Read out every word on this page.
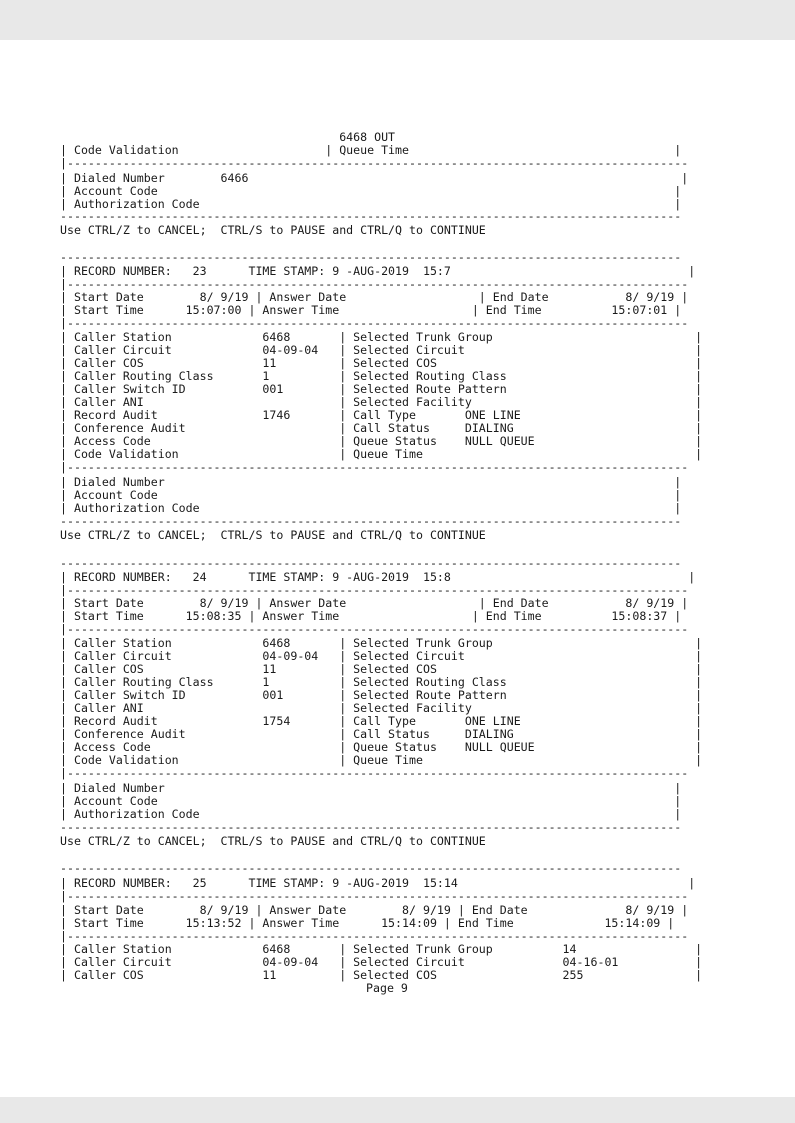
6468 OUT
| Code Validation                     | Queue Time                                      |
|-----------------------------------------------------------------------------------------
| Dialed Number        6466                                                              |
| Account Code                                                                          |
| Authorization Code                                                                    |
-----------------------------------------------------------------------------------------
Use CTRL/Z to CANCEL;  CTRL/S to PAUSE and CTRL/Q to CONTINUE
-----------------------------------------------------------------------------------------
| RECORD NUMBER:   23      TIME STAMP: 9 -AUG-2019  15:7                                  |
|-----------------------------------------------------------------------------------------
| Start Date        8/ 9/19 | Answer Date                   | End Date           8/ 9/19 |
| Start Time      15:07:00 | Answer Time                   | End Time          15:07:01 |
|-----------------------------------------------------------------------------------------
| Caller Station             6468       | Selected Trunk Group                             |
| Caller Circuit             04-09-04   | Selected Circuit                                 |
| Caller COS                 11         | Selected COS                                     |
| Caller Routing Class       1          | Selected Routing Class                           |
| Caller Switch ID           001        | Selected Route Pattern                           |
| Caller ANI                            | Selected Facility                                |
| Record Audit               1746       | Call Type       ONE LINE                         |
| Conference Audit                      | Call Status     DIALING                          |
| Access Code                           | Queue Status    NULL QUEUE                       |
| Code Validation                       | Queue Time                                       |
|-----------------------------------------------------------------------------------------
| Dialed Number                                                                         |
| Account Code                                                                          |
| Authorization Code                                                                    |
-----------------------------------------------------------------------------------------
Use CTRL/Z to CANCEL;  CTRL/S to PAUSE and CTRL/Q to CONTINUE
-----------------------------------------------------------------------------------------
| RECORD NUMBER:   24      TIME STAMP: 9 -AUG-2019  15:8                                  |
|-----------------------------------------------------------------------------------------
| Start Date        8/ 9/19 | Answer Date                   | End Date           8/ 9/19 |
| Start Time      15:08:35 | Answer Time                   | End Time          15:08:37 |
|-----------------------------------------------------------------------------------------
| Caller Station             6468       | Selected Trunk Group                             |
| Caller Circuit             04-09-04   | Selected Circuit                                 |
| Caller COS                 11         | Selected COS                                     |
| Caller Routing Class       1          | Selected Routing Class                           |
| Caller Switch ID           001        | Selected Route Pattern                           |
| Caller ANI                            | Selected Facility                                |
| Record Audit               1754       | Call Type       ONE LINE                         |
| Conference Audit                      | Call Status     DIALING                          |
| Access Code                           | Queue Status    NULL QUEUE                       |
| Code Validation                       | Queue Time                                       |
|-----------------------------------------------------------------------------------------
| Dialed Number                                                                         |
| Account Code                                                                          |
| Authorization Code                                                                    |
-----------------------------------------------------------------------------------------
Use CTRL/Z to CANCEL;  CTRL/S to PAUSE and CTRL/Q to CONTINUE
-----------------------------------------------------------------------------------------
| RECORD NUMBER:   25      TIME STAMP: 9 -AUG-2019  15:14                                 |
|-----------------------------------------------------------------------------------------
| Start Date        8/ 9/19 | Answer Date        8/ 9/19 | End Date              8/ 9/19 |
| Start Time      15:13:52 | Answer Time      15:14:09 | End Time             15:14:09 |
|-----------------------------------------------------------------------------------------
| Caller Station             6468       | Selected Trunk Group          14                 |
| Caller Circuit             04-09-04   | Selected Circuit              04-16-01           |
| Caller COS                 11         | Selected COS                  255                |
Page 9
